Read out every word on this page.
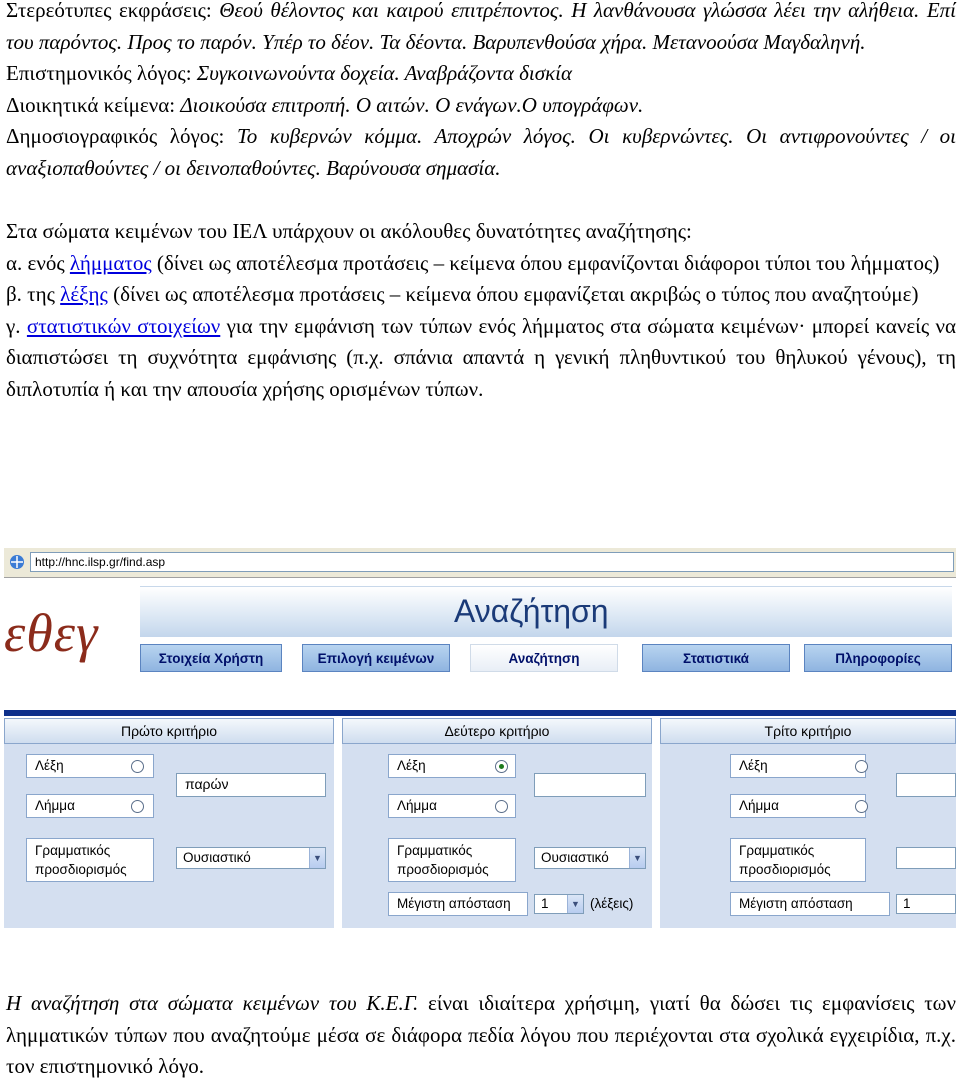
Στερεότυπες εκφράσεις: Θεού θέλοντος και καιρού επιτρέποντος. Η λανθάνουσα γλώσσα λέει την αλήθεια. Επί του παρόντος. Προς το παρόν. Υπέρ το δέον. Τα δέοντα. Βαρυπενθούσα χήρα. Μετανοούσα Μαγδαληνή.

Επιστημονικός λόγος: Συγκοινωνούντα δοχεία. Αναβράζοντα δισκία

Διοικητικά κείμενα: Διοικούσα επιτροπή. Ο αιτών. Ο ενάγων.Ο υπογράφων.

Δημοσιογραφικός λόγος: Το κυβερνών κόμμα. Αποχρών λόγος. Οι κυβερνώντες. Οι αντιφρονούντες / οι αναξιοπαθούντες / οι δεινοπαθούντες. Βαρύνουσα σημασία.

Στα σώματα κειμένων του ΙΕΛ υπάρχουν οι ακόλουθες δυνατότητες αναζήτησης:

α. ενός λήμματος (δίνει ως αποτέλεσμα προτάσεις – κείμενα όπου εμφανίζονται διάφοροι τύποι του λήμματος)

β. της λέξης (δίνει ως αποτέλεσμα προτάσεις – κείμενα όπου εμφανίζεται ακριβώς ο τύπος που αναζητούμε)

γ. στατιστικών στοιχείων για την εμφάνιση των τύπων ενός λήμματος στα σώματα κειμένων· μπορεί κανείς να διαπιστώσει τη συχνότητα εμφάνισης (π.χ. σπάνια απαντά η γενική πληθυντικού του θηλυκού γένους), τη διπλοτυπία ή και την απουσία χρήσης ορισμένων τύπων.

http://hnc.ilsp.gr/find.asp
εθεγ	Αναζήτηση
Στοιχεία Χρήστη	Επιλογή κειμένων	Αναζήτηση	Στατιστικά	Πληροφορίες
Πρώτο κριτήριο
Λέξη
Λήμμα
παρών
Γραμματικός
προσδιορισμός
Ουσιαστικό	▼
Δεύτερο κριτήριο
Λέξη
Λήμμα
Γραμματικός
προσδιορισμός
Ουσιαστικό	▼
Μέγιστη απόσταση	1	▼ (λέξεις)
Τρίτο κριτήριο
Λέξη
Λήμμα
Γραμματικός
προσδιορισμός
Μέγιστη απόσταση	1

Η αναζήτηση στα σώματα κειμένων του Κ.Ε.Γ. είναι ιδιαίτερα χρήσιμη, γιατί θα δώσει τις εμφανίσεις των λημματικών τύπων που αναζητούμε μέσα σε διάφορα πεδία λόγου που περιέχονται στα σχολικά εγχειρίδια, π.χ. τον επιστημονικό λόγο.
